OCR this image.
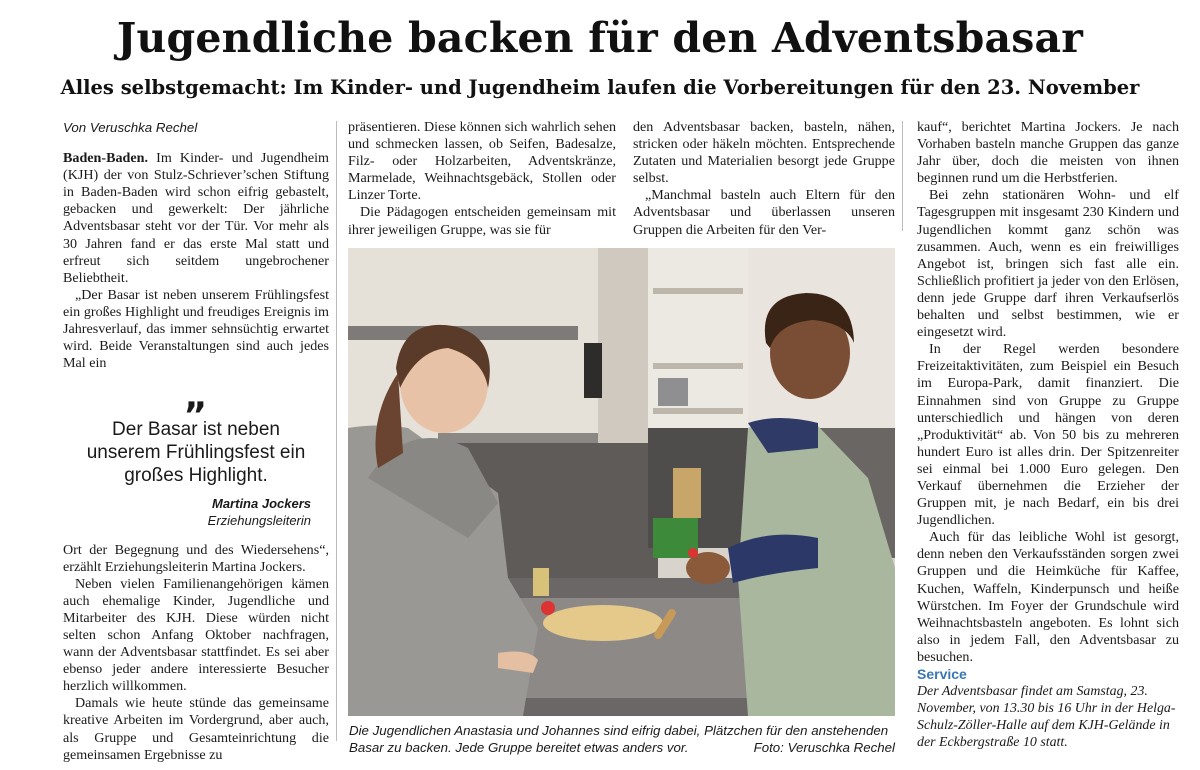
Jugendliche backen für den Adventsbasar
Alles selbstgemacht: Im Kinder- und Jugendheim laufen die Vorbereitungen für den 23. November

Von Veruschka Rechel

Baden-Baden. Im Kinder- und Jugendheim (KJH) der von Stulz-Schriever’schen Stiftung in Baden-Baden wird schon eifrig gebastelt, gebacken und gewerkelt: Der jährliche Adventsbasar steht vor der Tür. Vor mehr als 30 Jahren fand er das erste Mal statt und erfreut sich seitdem ungebrochener Beliebtheit.

„Der Basar ist neben unserem Frühlingsfest ein großes Highlight und freudiges Ereignis im Jahresverlauf, das immer sehnsüchtig erwartet wird. Beide Veranstaltungen sind auch jedes Mal ein

„
Der Basar ist neben unserem Frühlingsfest ein großes Highlight.
Martina Jockers
Erziehungsleiterin

Ort der Begegnung und des Wiedersehens“, erzählt Erziehungsleiterin Martina Jockers.

Neben vielen Familienangehörigen kämen auch ehemalige Kinder, Jugendliche und Mitarbeiter des KJH. Diese würden nicht selten schon Anfang Oktober nachfragen, wann der Adventsbasar stattfindet. Es sei aber ebenso jeder andere interessierte Besucher herzlich willkommen.

Damals wie heute stünde das gemeinsame kreative Arbeiten im Vordergrund, aber auch, als Gruppe und Gesamteinrichtung die gemeinsamen Ergebnisse zu

präsentieren. Diese können sich wahrlich sehen und schmecken lassen, ob Seifen, Badesalze, Filz- oder Holzarbeiten, Adventskränze, Marmelade, Weihnachtsgebäck, Stollen oder Linzer Torte.

Die Pädagogen entscheiden gemeinsam mit ihrer jeweiligen Gruppe, was sie für

den Adventsbasar backen, basteln, nähen, stricken oder häkeln möchten. Entsprechende Zutaten und Materialien besorgt jede Gruppe selbst.

„Manchmal basteln auch Eltern für den Adventsbasar und überlassen unseren Gruppen die Arbeiten für den Ver-

kauf“, berichtet Martina Jockers. Je nach Vorhaben basteln manche Gruppen das ganze Jahr über, doch die meisten von ihnen beginnen rund um die Herbstferien.

Bei zehn stationären Wohn- und elf Tagesgruppen mit insgesamt 230 Kindern und Jugendlichen kommt ganz schön was zusammen. Auch, wenn es ein freiwilliges Angebot ist, bringen sich fast alle ein. Schließlich profitiert ja jeder von den Erlösen, denn jede Gruppe darf ihren Verkaufserlös behalten und selbst bestimmen, wie er eingesetzt wird.

In der Regel werden besondere Freizeitaktivitäten, zum Beispiel ein Besuch im Europa-Park, damit finanziert. Die Einnahmen sind von Gruppe zu Gruppe unterschiedlich und hängen von deren „Produktivität“ ab. Von 50 bis zu mehreren hundert Euro ist alles drin. Der Spitzenreiter sei einmal bei 1.000 Euro gelegen. Den Verkauf übernehmen die Erzieher der Gruppen mit, je nach Bedarf, ein bis drei Jugendlichen.

Auch für das leibliche Wohl ist gesorgt, denn neben den Verkaufsständen sorgen zwei Gruppen und die Heimküche für Kaffee, Kuchen, Waffeln, Kinderpunsch und heiße Würstchen. Im Foyer der Grundschule wird Weihnachtsbasteln angeboten. Es lohnt sich also in jedem Fall, den Adventsbasar zu besuchen.

Service

Der Adventsbasar findet am Samstag, 23. November, von 13.30 bis 16 Uhr in der Helga-Schulz-Zöller-Halle auf dem KJH-Gelände in der Eckbergstraße 10 statt.

Die Jugendlichen Anastasia und Johannes sind eifrig dabei, Plätzchen für den anstehenden Basar zu backen. Jede Gruppe bereitet etwas anders vor.	Foto: Veruschka Rechel
